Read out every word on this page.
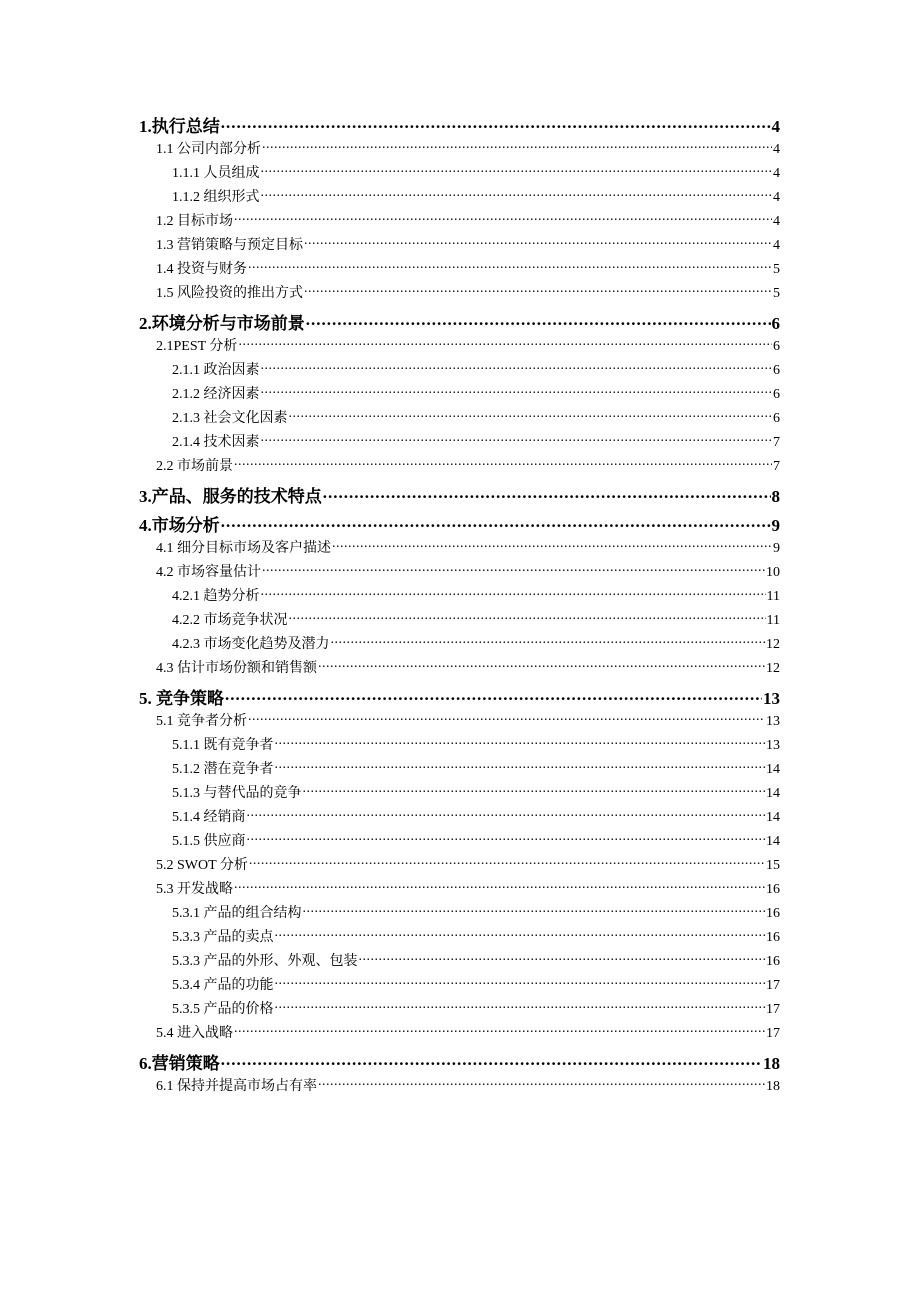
1.执行总结 .....	4
1.1 公司内部分析 .....	4
1.1.1 人员组成 .....	4
1.1.2 组织形式 .....	4
1.2 目标市场 .....	4
1.3 营销策略与预定目标 .....	4
1.4 投资与财务 .....	5
1.5 风险投资的推出方式 .....	5
2.环境分析与市场前景 .....	6
2.1PEST 分析 .....	6
2.1.1 政治因素 .....	6
2.1.2 经济因素 .....	6
2.1.3 社会文化因素 .....	6
2.1.4 技术因素 .....	7
2.2 市场前景 .....	7
3.产品、服务的技术特点 .....	8
4.市场分析 .....	9
4.1 细分目标市场及客户描述 .....	9
4.2 市场容量估计 .....	10
4.2.1 趋势分析 .....	11
4.2.2 市场竞争状况 .....	11
4.2.3 市场变化趋势及潜力 .....	12
4.3 估计市场份额和销售额 .....	12
5. 竞争策略 .....	13
5.1 竞争者分析 .....	13
5.1.1 既有竞争者 .....	13
5.1.2 潜在竞争者 .....	14
5.1.3 与替代品的竞争 .....	14
5.1.4 经销商 .....	14
5.1.5 供应商 .....	14
5.2 SWOT 分析 .....	15
5.3 开发战略 .....	16
5.3.1 产品的组合结构 .....	16
5.3.3 产品的卖点 .....	16
5.3.3 产品的外形、外观、包装 .....	16
5.3.4 产品的功能 .....	17
5.3.5 产品的价格 .....	17
5.4 进入战略 .....	17
6.营销策略 .....	18
6.1 保持并提高市场占有率 .....	18
